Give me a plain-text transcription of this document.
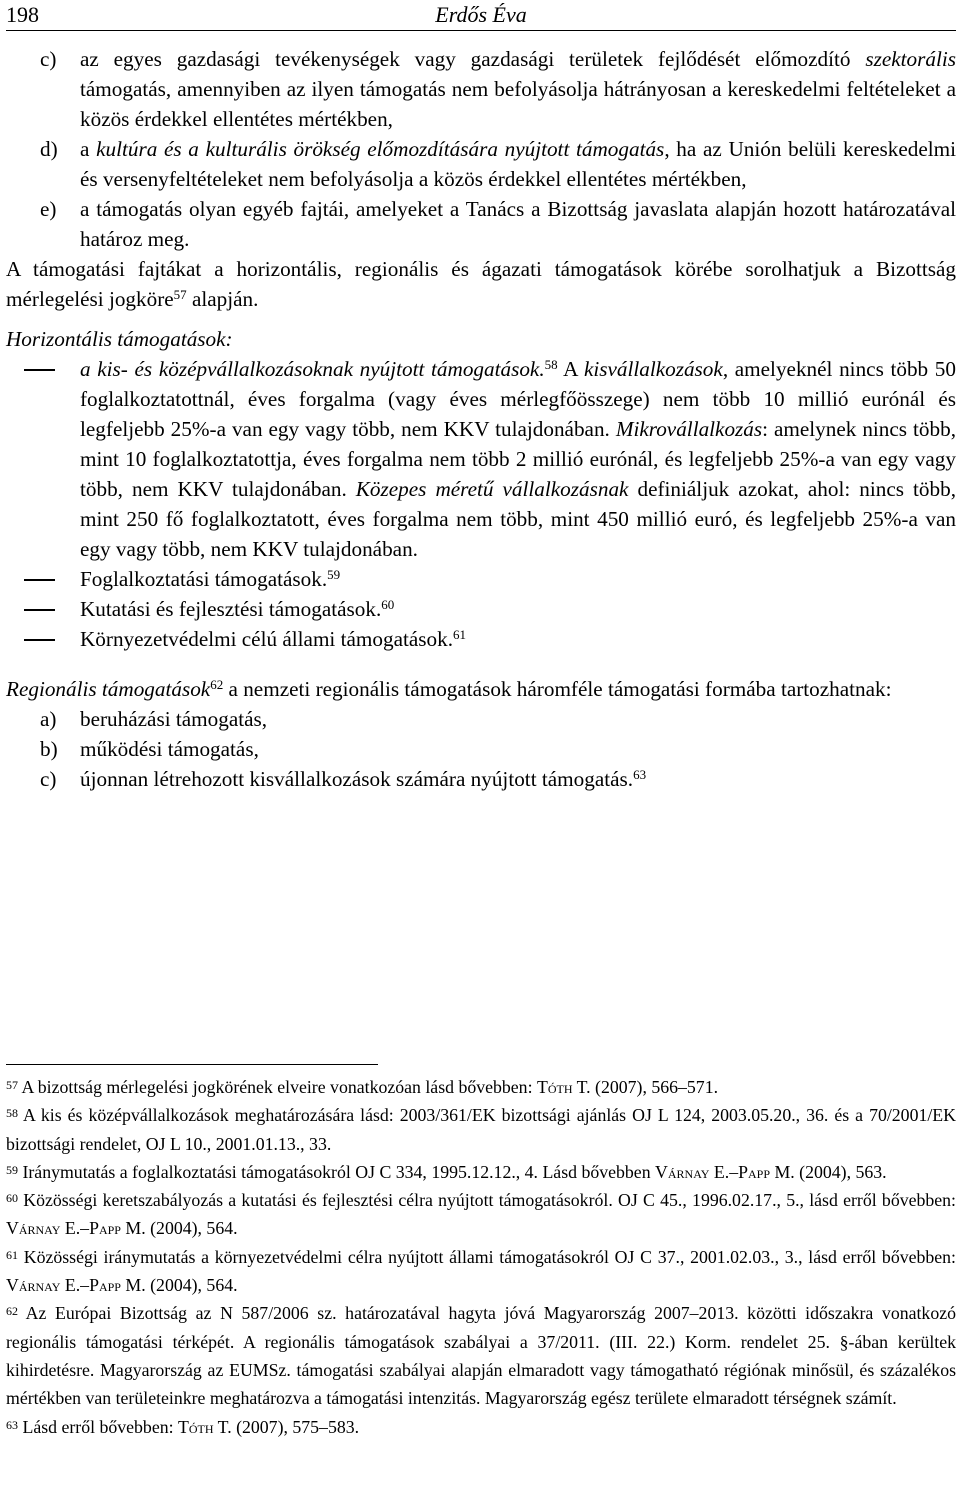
198	Erdős Éva
c)	az egyes gazdasági tevékenységek vagy gazdasági területek fejlődését előmozdító szektorális támogatás, amennyiben az ilyen támogatás nem befolyásolja hátrányosan a kereskedelmi feltételeket a közös érdekkel ellentétes mértékben,
d)	a kultúra és a kulturális örökség előmozdítására nyújtott támogatás, ha az Unión belüli kereskedelmi és versenyfeltételeket nem befolyásolja a közös érdekkel ellentétes mértékben,
e)	a támogatás olyan egyéb fajtái, amelyeket a Tanács a Bizottság javaslata alapján hozott határozatával határoz meg.
A támogatási fajtákat a horizontális, regionális és ágazati támogatások körébe sorolhatjuk a Bizottság mérlegelési jogköre$^{57}$ alapján.
Horizontális támogatások:
a kis- és középvállalkozásoknak nyújtott támogatások.$^{58}$ A kisvállalkozások, amelyeknél nincs több 50 foglalkoztatottnál, éves forgalma (vagy éves mérlegfőösszege) nem több 10 millió eurónál és legfeljebb 25%-a van egy vagy több, nem KKV tulajdonában. Mikrovállalkozás: amelynek nincs több, mint 10 foglalkoztatottja, éves forgalma nem több 2 millió eurónál, és legfeljebb 25%-a van egy vagy több, nem KKV tulajdonában. Közepes méretű vállalkozásnak definiáljuk azokat, ahol: nincs több, mint 250 fő foglalkoztatott, éves forgalma nem több, mint 450 millió euró, és legfeljebb 25%-a van egy vagy több, nem KKV tulajdonában.
Foglalkoztatási támogatások.$^{59}$
Kutatási és fejlesztési támogatások.$^{60}$
Környezetvédelmi célú állami támogatások.$^{61}$
Regionális támogatások$^{62}$ a nemzeti regionális támogatások háromféle támogatási formába tartozhatnak:
a)	beruházási támogatás,
b)	működési támogatás,
c)	újonnan létrehozott kisvállalkozások számára nyújtott támogatás.$^{63}$
$^{57}$ A bizottság mérlegelési jogkörének elveire vonatkozóan lásd bővebben: Tóth T. (2007), 566–571.
$^{58}$ A kis és középvállalkozások meghatározására lásd: 2003/361/EK bizottsági ajánlás OJ L 124, 2003.05.20., 36. és a 70/2001/EK bizottsági rendelet, OJ L 10., 2001.01.13., 33.
$^{59}$ Iránymutatás a foglalkoztatási támogatásokról OJ C 334, 1995.12.12., 4. Lásd bővebben Várnay E.–Papp M. (2004), 563.
$^{60}$ Közösségi keretszabályozás a kutatási és fejlesztési célra nyújtott támogatásokról. OJ C 45., 1996.02.17., 5., lásd erről bővebben: Várnay E.–Papp M. (2004), 564.
$^{61}$ Közösségi iránymutatás a környezetvédelmi célra nyújtott állami támogatásokról OJ C 37., 2001.02.03., 3., lásd erről bővebben: Várnay E.–Papp M. (2004), 564.
$^{62}$ Az Európai Bizottság az N 587/2006 sz. határozatával hagyta jóvá Magyarország 2007–2013. közötti időszakra vonatkozó regionális támogatási térképét. A regionális támogatások szabályai a 37/2011. (III. 22.) Korm. rendelet 25. §-ában kerültek kihirdetésre. Magyarország az EUMSz. támogatási szabályai alapján elmaradott vagy támogatható régiónak minősül, és százalékos mértékben van területeinkre meghatározva a támogatási intenzitás. Magyarország egész területe elmaradott térségnek számít.
$^{63}$ Lásd erről bővebben: Tóth T. (2007), 575–583.
